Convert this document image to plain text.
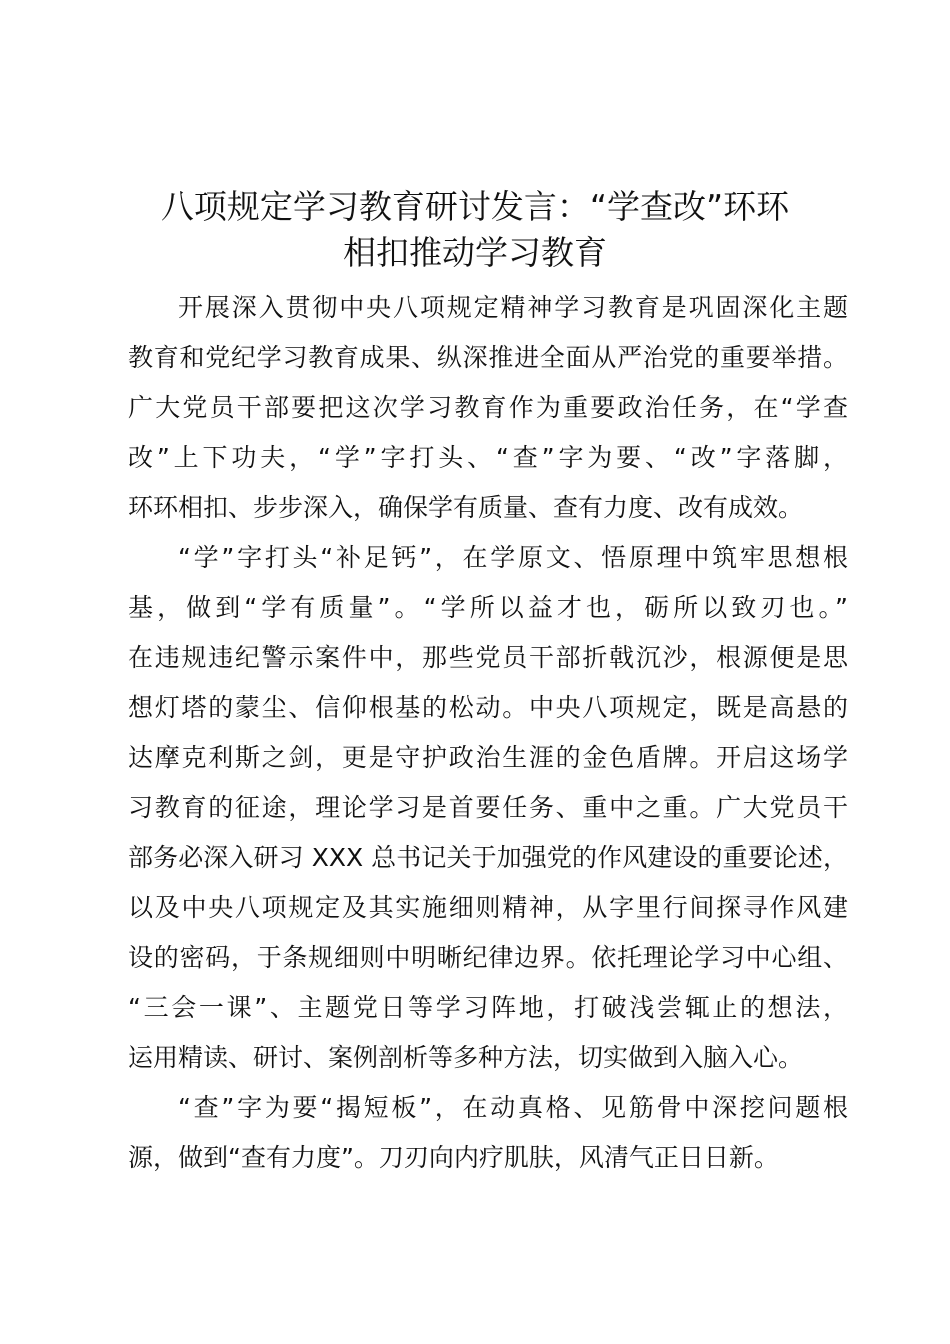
八项规定学习教育研讨发言：“学查改”环环
相扣推动学习教育
开展深入贯彻中央八项规定精神学习教育是巩固深化主题
教育和党纪学习教育成果、纵深推进全面从严治党的重要举措。
广大党员干部要把这次学习教育作为重要政治任务，在“学查
改”上下功夫，“学”字打头、“查”字为要、“改”字落脚，
环环相扣、步步深入，确保学有质量、查有力度、改有成效。
“学”字打头“补足钙”，在学原文、悟原理中筑牢思想根
基，做到“学有质量”。“学所以益才也，砺所以致刃也。”
在违规违纪警示案件中，那些党员干部折戟沉沙，根源便是思
想灯塔的蒙尘、信仰根基的松动。中央八项规定，既是高悬的
达摩克利斯之剑，更是守护政治生涯的金色盾牌。开启这场学
习教育的征途，理论学习是首要任务、重中之重。广大党员干
部务必深入研习 XXX 总书记关于加强党的作风建设的重要论述，
以及中央八项规定及其实施细则精神，从字里行间探寻作风建
设的密码，于条规细则中明晰纪律边界。依托理论学习中心组、
“三会一课”、主题党日等学习阵地，打破浅尝辄止的想法，
运用精读、研讨、案例剖析等多种方法，切实做到入脑入心。
“查”字为要“揭短板”，在动真格、见筋骨中深挖问题根
源，做到“查有力度”。刀刃向内疗肌肤，风清气正日日新。
